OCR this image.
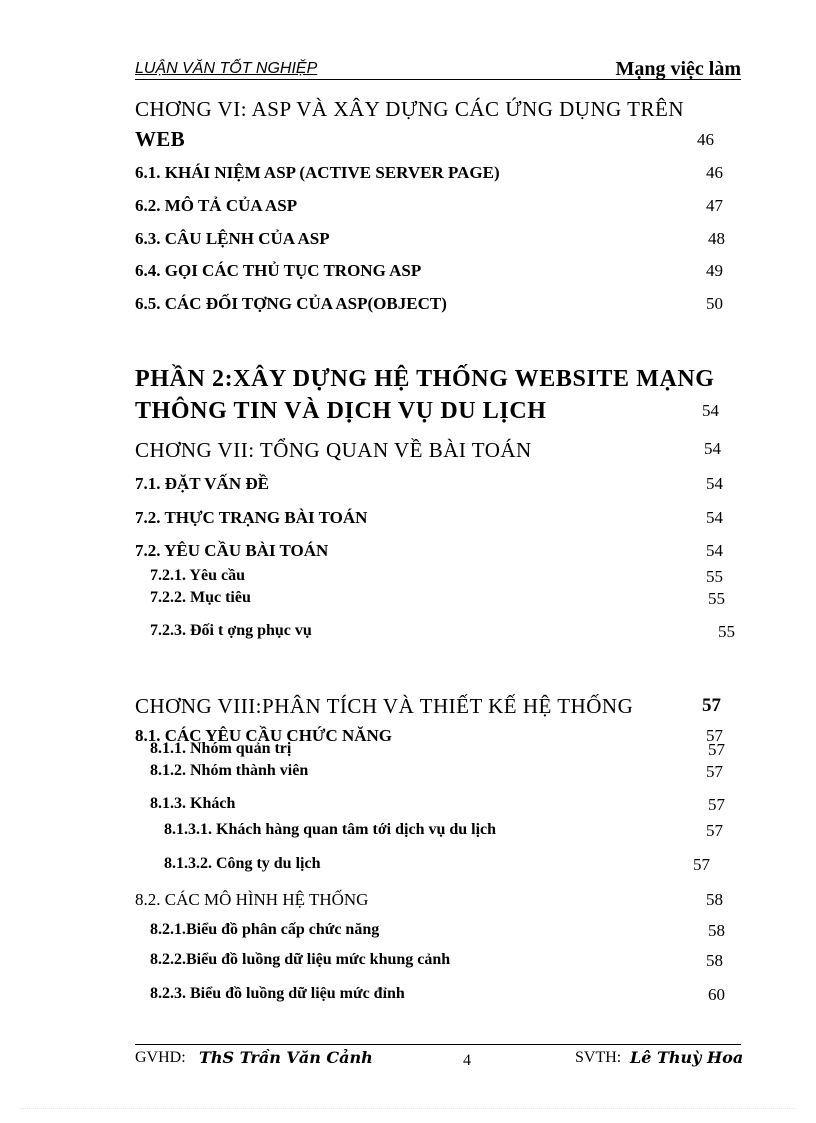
LUẬN VĂN TỐT NGHIỆP	Mạng việc làm
CHƠNG VI: ASP VÀ XÂY DỰNG CÁC ỨNG DỤNG TRÊN
WEB	46
6.1. KHÁI NIỆM ASP (ACTIVE SERVER PAGE)	46
6.2. MÔ TẢ CỦA ASP	47
6.3. CÂU LỆNH CỦA ASP	48
6.4. GỌI CÁC THỦ TỤC TRONG ASP	49
6.5. CÁC ĐỐI TỢNG CỦA ASP(OBJECT)	50
PHẦN 2:XÂY DỰNG HỆ THỐNG WEBSITE MẠNG
THÔNG TIN VÀ DỊCH VỤ DU LỊCH	54
CHƠNG VII: TỔNG QUAN VỀ BÀI TOÁN	54
7.1. ĐẶT VẤN ĐỀ	54
7.2. THỰC TRẠNG BÀI TOÁN	54
7.2. YÊU CẦU BÀI TOÁN	54
7.2.1. Yêu cầu	55
7.2.2. Mục tiêu	55
7.2.3. Đối t ợng phục vụ	55
CHƠNG VIII:PHÂN TÍCH VÀ THIẾT KẾ HỆ THỐNG	57
8.1. CÁC YÊU CẦU CHỨC NĂNG	57
8.1.1. Nhóm quản trị	57
8.1.2. Nhóm thành viên	57
8.1.3. Khách	57
8.1.3.1. Khách hàng quan tâm tới dịch vụ du lịch	57
8.1.3.2. Công ty du lịch	57
8.2. CÁC MÔ HÌNH HỆ THỐNG	58
8.2.1.Biểu đồ phân cấp chức năng	58
8.2.2.Biểu đồ luồng dữ liệu mức khung cảnh	58
8.2.3. Biểu đồ luồng dữ liệu mức đỉnh	60
GVHD: ThS Trần Văn Cảnh	4	SVTH: Lê Thuỳ Hoa
